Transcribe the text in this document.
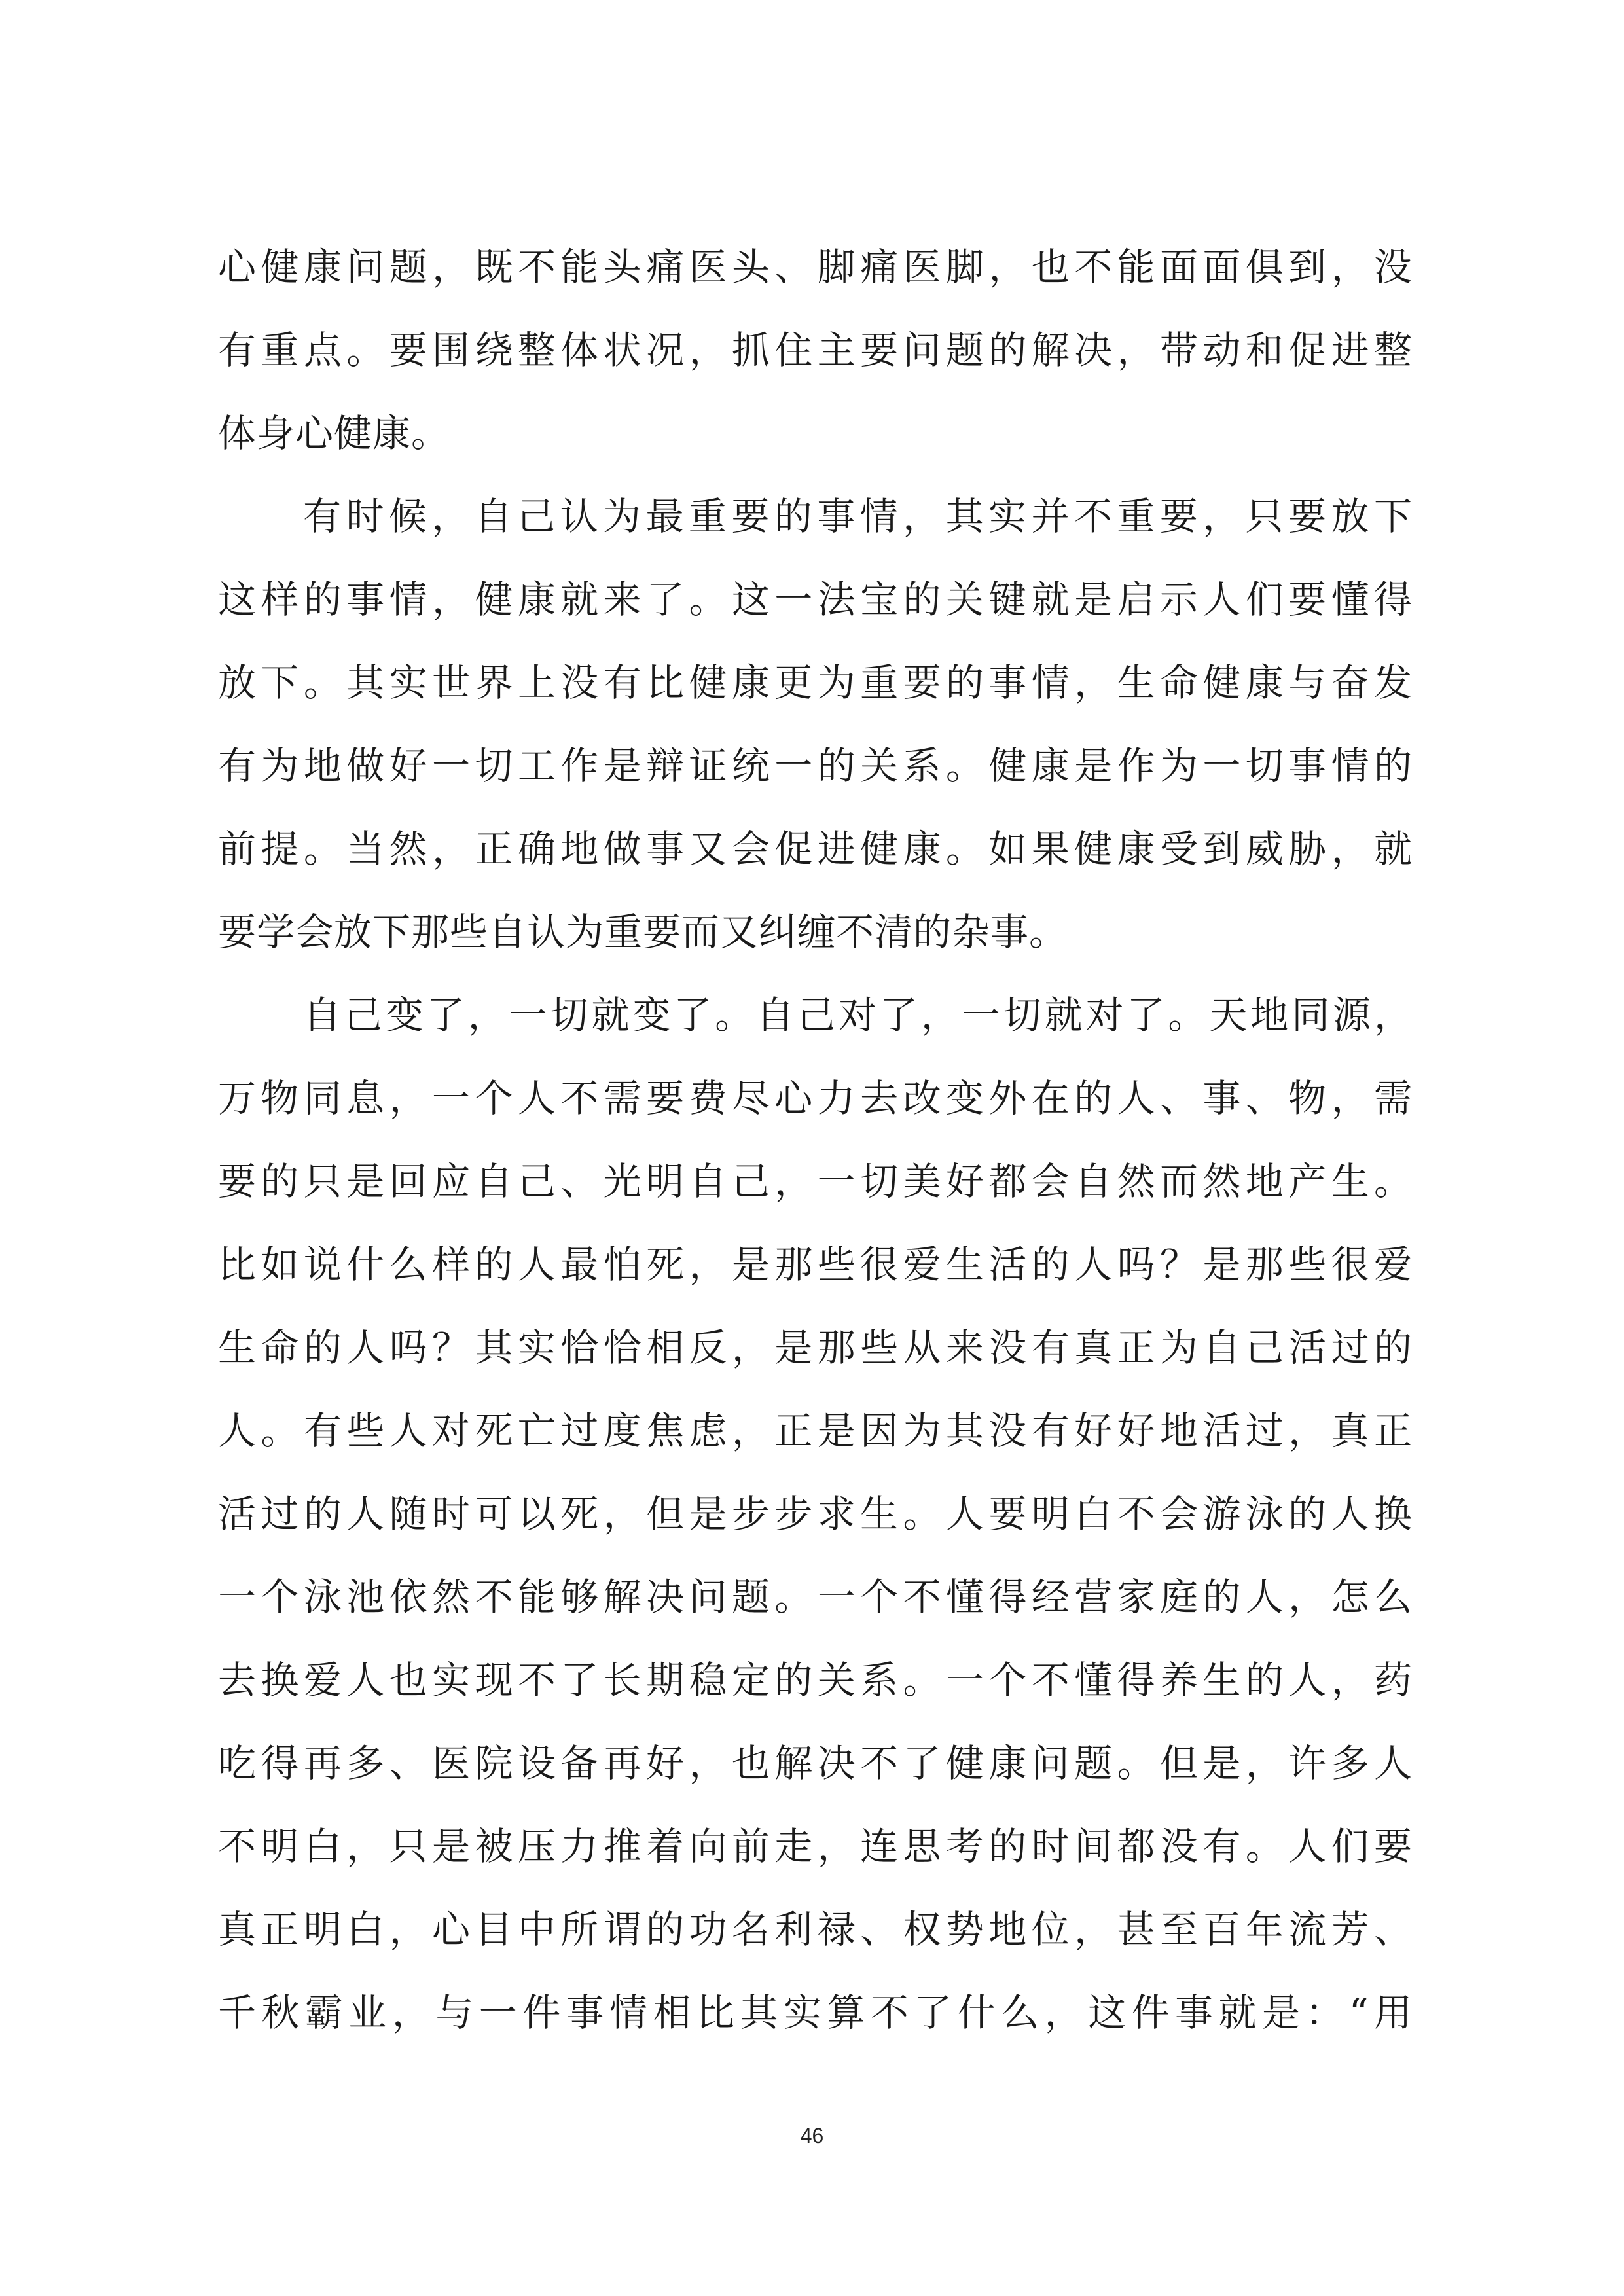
心健康问题，既不能头痛医头、脚痛医脚，也不能面面俱到，没
有重点。要围绕整体状况，抓住主要问题的解决，带动和促进整
体身心健康。
有时候，自己认为最重要的事情，其实并不重要，只要放下
这样的事情，健康就来了。这一法宝的关键就是启示人们要懂得
放下。其实世界上没有比健康更为重要的事情，生命健康与奋发
有为地做好一切工作是辩证统一的关系。健康是作为一切事情的
前提。当然，正确地做事又会促进健康。如果健康受到威胁，就
要学会放下那些自认为重要而又纠缠不清的杂事。
自己变了，一切就变了。自己对了，一切就对了。天地同源，
万物同息，一个人不需要费尽心力去改变外在的人、事、物，需
要的只是回应自己、光明自己，一切美好都会自然而然地产生。
比如说什么样的人最怕死，是那些很爱生活的人吗？是那些很爱
生命的人吗？其实恰恰相反，是那些从来没有真正为自己活过的
人。有些人对死亡过度焦虑，正是因为其没有好好地活过，真正
活过的人随时可以死，但是步步求生。人要明白不会游泳的人换
一个泳池依然不能够解决问题。一个不懂得经营家庭的人，怎么
去换爱人也实现不了长期稳定的关系。一个不懂得养生的人，药
吃得再多、医院设备再好，也解决不了健康问题。但是，许多人
不明白，只是被压力推着向前走，连思考的时间都没有。人们要
真正明白，心目中所谓的功名利禄、权势地位，甚至百年流芳、
千秋霸业，与一件事情相比其实算不了什么，这件事就是：“用
46
